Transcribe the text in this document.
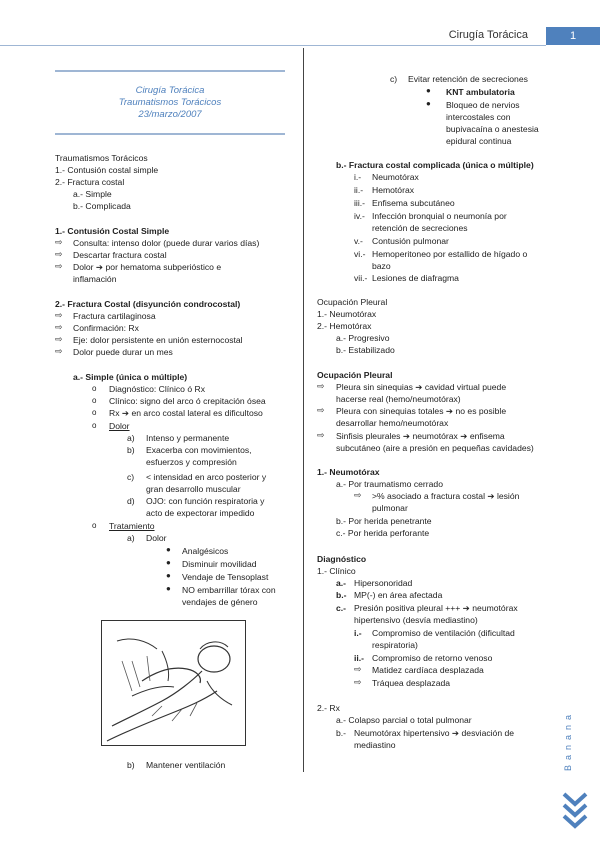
Cirugía Torácica	1
Banana
Cirugía Torácica
Traumatismos Torácicos
23/marzo/2007
Traumatismos Torácicos
1.- Contusión costal simple
2.- Fractura costal
a.- Simple
b.- Complicada
1.- Contusión Costal Simple
⇨ Consulta: intenso dolor (puede durar varios días)
⇨ Descartar fractura costal
⇨ Dolor ➔ por hematoma subperióstico e
inflamación
2.- Fractura Costal (disyunción condrocostal)
⇨ Fractura cartilaginosa
⇨ Confirmación: Rx
⇨ Eje: dolor persistente en unión esternocostal
⇨ Dolor puede durar un mes
a.- Simple (única o múltiple)
o Diagnóstico: Clínico ó Rx
o Clínico: signo del arco ó crepitación ósea
o Rx ➔ en arco costal lateral es dificultoso
o Dolor
a) Intenso y permanente
b) Exacerba con movimientos,
esfuerzos y compresión
c) < intensidad en arco posterior y
gran desarrollo muscular
d) OJO: con función respiratoria y
acto de expectorar impedido
o Tratamiento
a) Dolor
● Analgésicos
● Disminuir movilidad
● Vendaje de Tensoplast
● NO embarrillar tórax con
vendajes de género
b) Mantener ventilación
c) Evitar retención de secreciones
● KNT ambulatoria
● Bloqueo de nervios
intercostales con
bupivacaína o anestesia
epidural continua
b.- Fractura costal complicada (única o múltiple)
i.- Neumotórax
ii.- Hemotórax
iii.- Enfisema subcutáneo
iv.- Infección bronquial o neumonía por
retención de secreciones
v.- Contusión pulmonar
vi.- Hemoperitoneo por estallido de hígado o
bazo
vii.- Lesiones de diafragma
Ocupación Pleural
1.- Neumotórax
2.- Hemotórax
a.- Progresivo
b.- Estabilizado
Ocupación Pleural
⇨ Pleura sin sinequias ➔ cavidad virtual puede
hacerse real (hemo/neumotórax)
⇨ Pleura con sinequias totales ➔ no es posible
desarrollar hemo/neumotórax
⇨ Sinfisis pleurales ➔ neumotórax ➔ enfisema
subcutáneo (aire a presión en pequeñas cavidades)
1.- Neumotórax
a.- Por traumatismo cerrado
⇨ >% asociado a fractura costal ➔ lesión
pulmonar
b.- Por herida penetrante
c.- Por herida perforante
Diagnóstico
1.- Clínico
a.- Hipersonoridad
b.- MP(-) en área afectada
c.- Presión positiva pleural +++ ➔ neumotórax
hipertensivo (desvía mediastino)
i.- Compromiso de ventilación (dificultad
respiratoria)
ii.- Compromiso de retorno venoso
⇨ Matidez cardíaca desplazada
⇨ Tráquea desplazada
2.- Rx
a.- Colapso parcial o total pulmonar
b.- Neumotórax hipertensivo ➔ desviación de
mediastino
